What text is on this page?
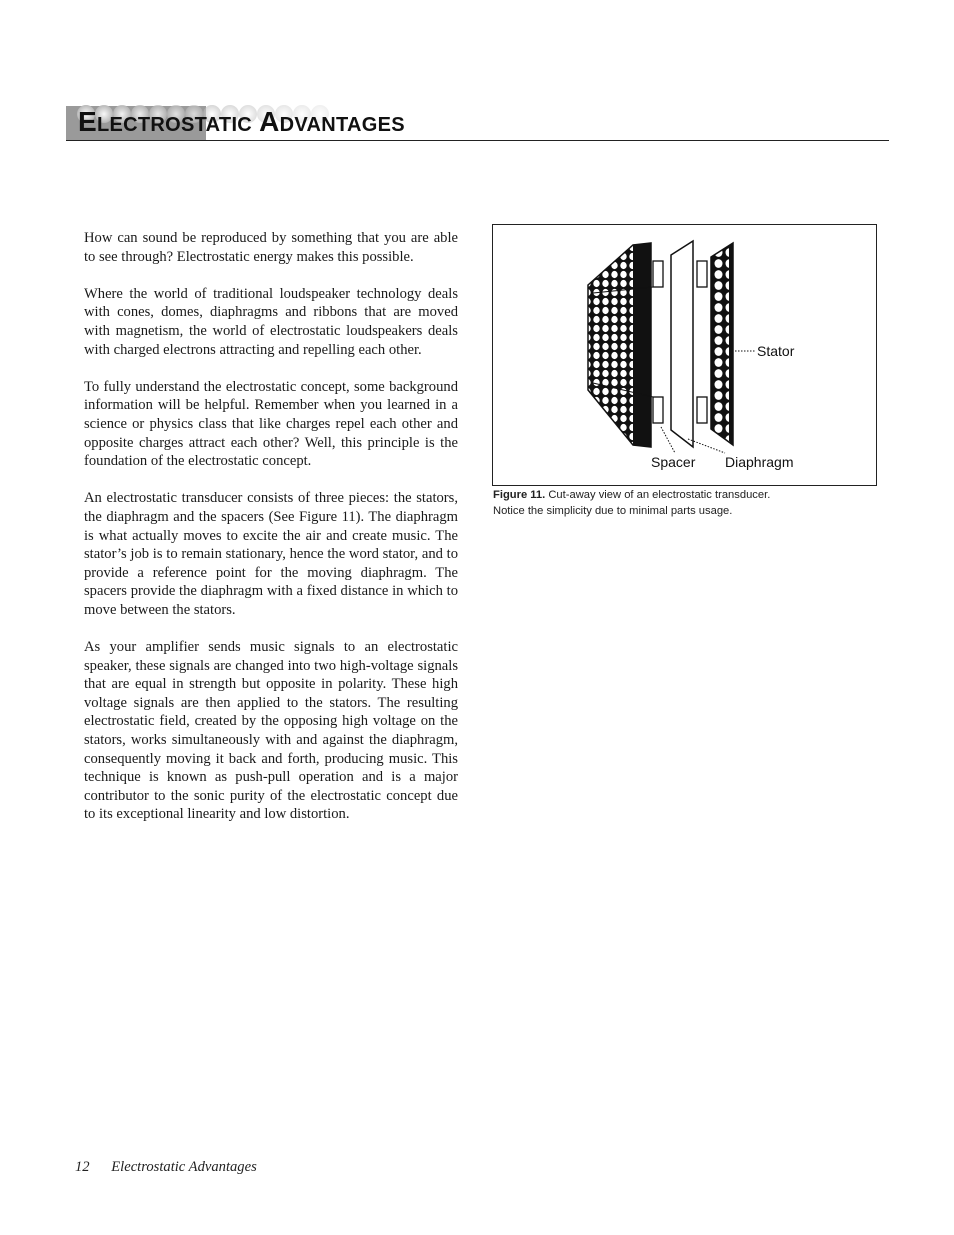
Electrostatic Advantages

How can sound be reproduced by something that you are able to see through? Electrostatic energy makes this possible.

Where the world of traditional loudspeaker technology deals with cones, domes, diaphragms and ribbons that are moved with magnetism, the world of electrostatic loudspeakers deals with charged electrons attracting and repelling each other.

To fully understand the electrostatic concept, some background information will be helpful. Remember when you learned in a science or physics class that like charges repel each other and opposite charges attract each other? Well, this principle is the foundation of the electrostatic concept.

An electrostatic transducer consists of three pieces: the stators, the diaphragm and the spacers (See Figure 11). The diaphragm is what actually moves to excite the air and create music. The stator’s job is to remain stationary, hence the word stator, and to provide a reference point for the moving diaphragm. The spacers provide the diaphragm with a fixed distance in which to move between the stators.

As your amplifier sends music signals to an electrostatic speaker, these signals are changed into two high-voltage signals that are equal in strength but opposite in polarity. These high voltage signals are then applied to the stators. The resulting electrostatic field, created by the opposing high voltage on the stators, works simultaneously with and against the diaphragm, consequently moving it back and forth, producing music. This technique is known as push-pull operation and is a major contributor to the sonic purity of the electrostatic concept due to its exceptional linearity and low distortion.

Stator
Spacer Diaphragm
Figure 11. Cut-away view of an electrostatic transducer.
Notice the simplicity due to minimal parts usage.
12 Electrostatic Advantages
